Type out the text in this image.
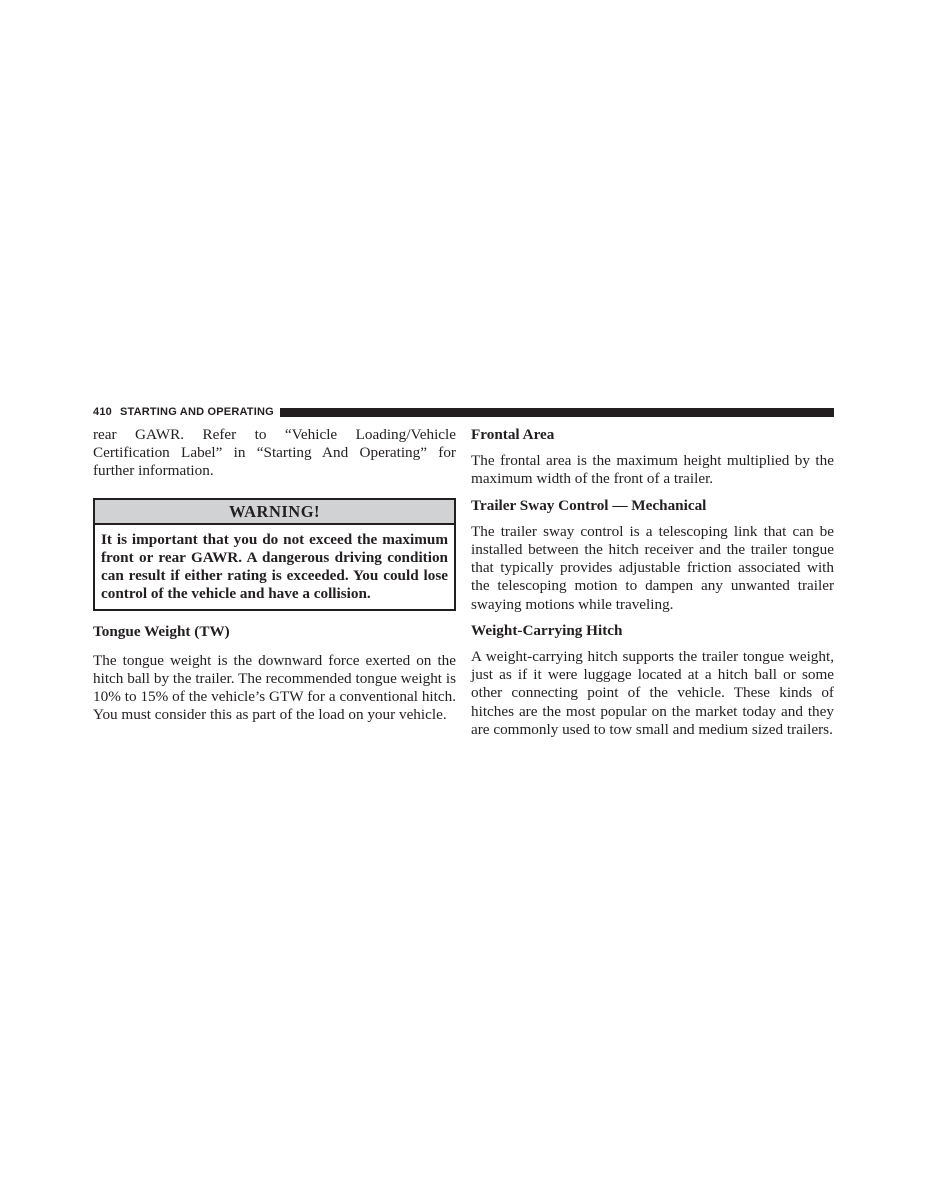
410 STARTING AND OPERATING

rear GAWR. Refer to “Vehicle Loading/Vehicle Certification Label” in “Starting And Operating” for further information.

WARNING!
It is important that you do not exceed the maximum front or rear GAWR. A dangerous driving condition can result if either rating is exceeded. You could lose control of the vehicle and have a collision.
Tongue Weight (TW)

The tongue weight is the downward force exerted on the hitch ball by the trailer. The recommended tongue weight is 10% to 15% of the vehicle’s GTW for a conventional hitch. You must consider this as part of the load on your vehicle.

Frontal Area

The frontal area is the maximum height multiplied by the maximum width of the front of a trailer.

Trailer Sway Control — Mechanical

The trailer sway control is a telescoping link that can be installed between the hitch receiver and the trailer tongue that typically provides adjustable friction associated with the telescoping motion to dampen any unwanted trailer swaying motions while traveling.

Weight-Carrying Hitch

A weight-carrying hitch supports the trailer tongue weight, just as if it were luggage located at a hitch ball or some other connecting point of the vehicle. These kinds of hitches are the most popular on the market today and they are commonly used to tow small and medium sized trailers.
